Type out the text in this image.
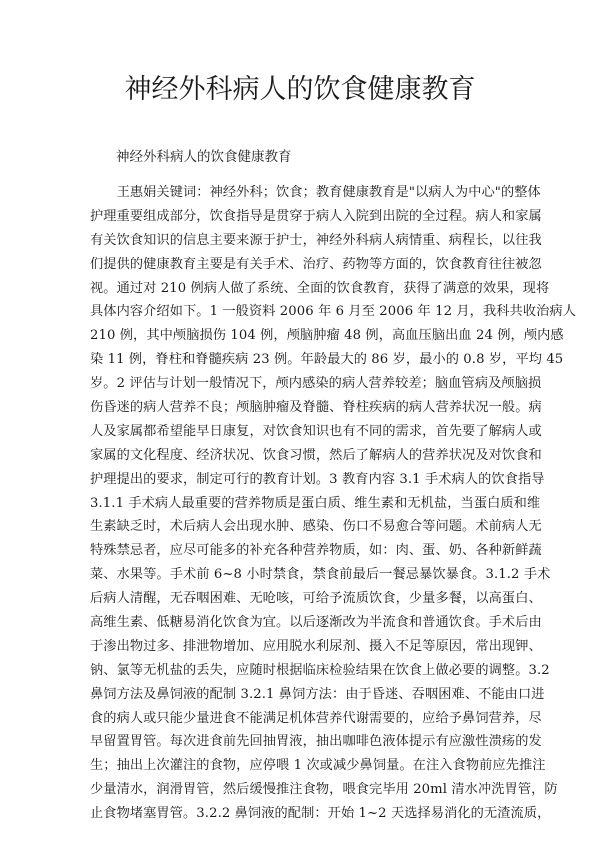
神经外科病人的饮食健康教育

神经外科病人的饮食健康教育

　　王惠娟关键词：神经外科；饮食；教育健康教育是"以病人为中心"的整体
护理重要组成部分，饮食指导是贯穿于病人入院到出院的全过程。病人和家属
有关饮食知识的信息主要来源于护士，神经外科病人病情重、病程长，以往我
们提供的健康教育主要是有关手术、治疗、药物等方面的，饮食教育往往被忽
视。通过对 210 例病人做了系统、全面的饮食教育，获得了满意的效果，现将
具体内容介绍如下。1 一般资料 2006 年 6 月至 2006 年 12 月，我科共收治病人
210 例，其中颅脑损伤 104 例，颅脑肿瘤 48 例，高血压脑出血 24 例，颅内感
染 11 例，脊柱和脊髓疾病 23 例。年龄最大的 86 岁，最小的 0.8 岁，平均 45
岁。2 评估与计划一般情况下，颅内感染的病人营养较差；脑血管病及颅脑损
伤昏迷的病人营养不良；颅脑肿瘤及脊髓、脊柱疾病的病人营养状况一般。病
人及家属都希望能早日康复，对饮食知识也有不同的需求，首先要了解病人或
家属的文化程度、经济状况、饮食习惯，然后了解病人的营养状况及对饮食和
护理提出的要求，制定可行的教育计划。3 教育内容 3.1 手术病人的饮食指导
3.1.1 手术病人最重要的营养物质是蛋白质、维生素和无机盐，当蛋白质和维
生素缺乏时，术后病人会出现水肿、感染、伤口不易愈合等问题。术前病人无
特殊禁忌者，应尽可能多的补充各种营养物质，如：肉、蛋、奶、各种新鲜蔬
菜、水果等。手术前 6~8 小时禁食，禁食前最后一餐忌暴饮暴食。3.1.2 手术
后病人清醒，无吞咽困难、无呛咳，可给予流质饮食，少量多餐，以高蛋白、
高维生素、低糖易消化饮食为宜。以后逐渐改为半流食和普通饮食。手术后由
于渗出物过多、排泄物增加、应用脱水利尿剂、摄入不足等原因，常出现钾、
钠、氯等无机盐的丢失，应随时根据临床检验结果在饮食上做必要的调整。3.2
鼻饲方法及鼻饲液的配制 3.2.1 鼻饲方法：由于昏迷、吞咽困难、不能由口进
食的病人或只能少量进食不能满足机体营养代谢需要的，应给予鼻饲营养，尽
早留置胃管。每次进食前先回抽胃液，抽出咖啡色液体提示有应激性溃疡的发
生；抽出上次灌注的食物，应停喂 1 次或减少鼻饲量。在注入食物前应先推注
少量清水，润滑胃管，然后缓慢推注食物，喂食完毕用 20ml 清水冲洗胃管，防
止食物堵塞胃管。3.2.2 鼻饲液的配制：开始 1~2 天选择易消化的无渣流质，
